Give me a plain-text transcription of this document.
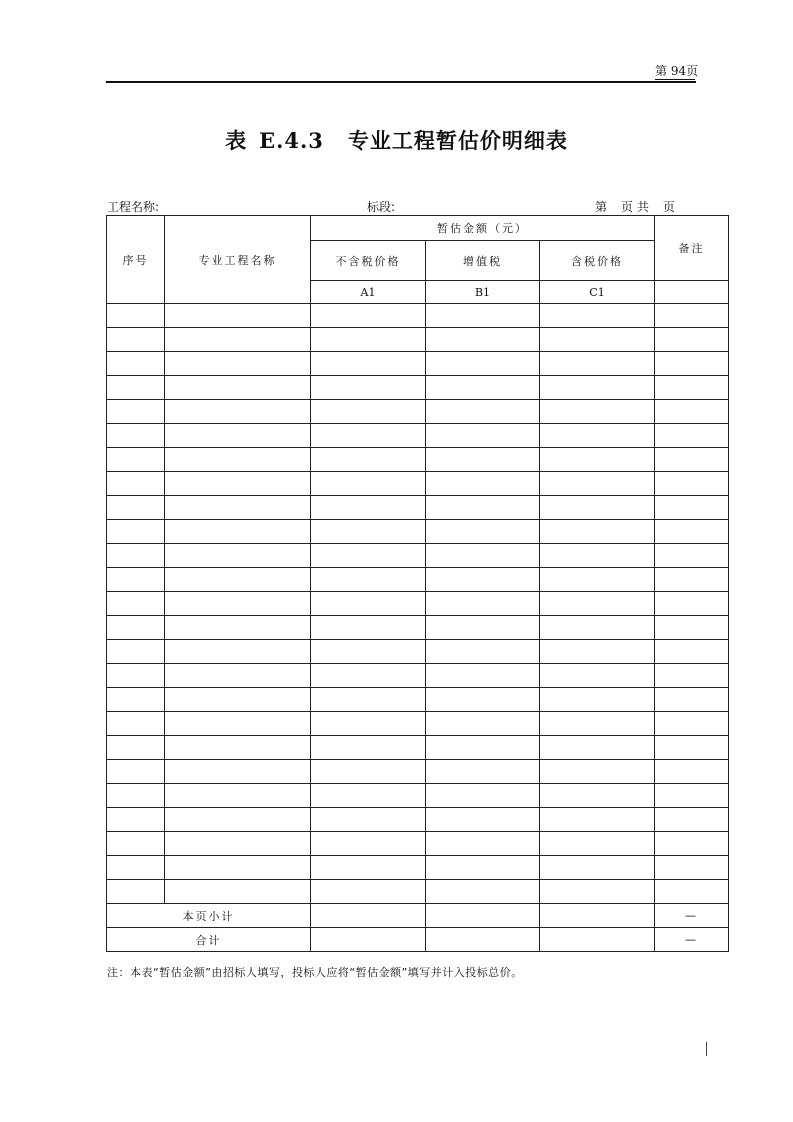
第 94页
表 E.4.3 专业工程暂估价明细表
工程名称:	标段:	第 页 共 页
序号	专业工程名称	暂估金额（元）			备注
		不含税价格	增值税	含税价格	
		A1	B1	C1	

本页小计					—
合计					—
注：本表“暂估金额”由招标人填写，投标人应将“暂估金额”填写并计入投标总价。
